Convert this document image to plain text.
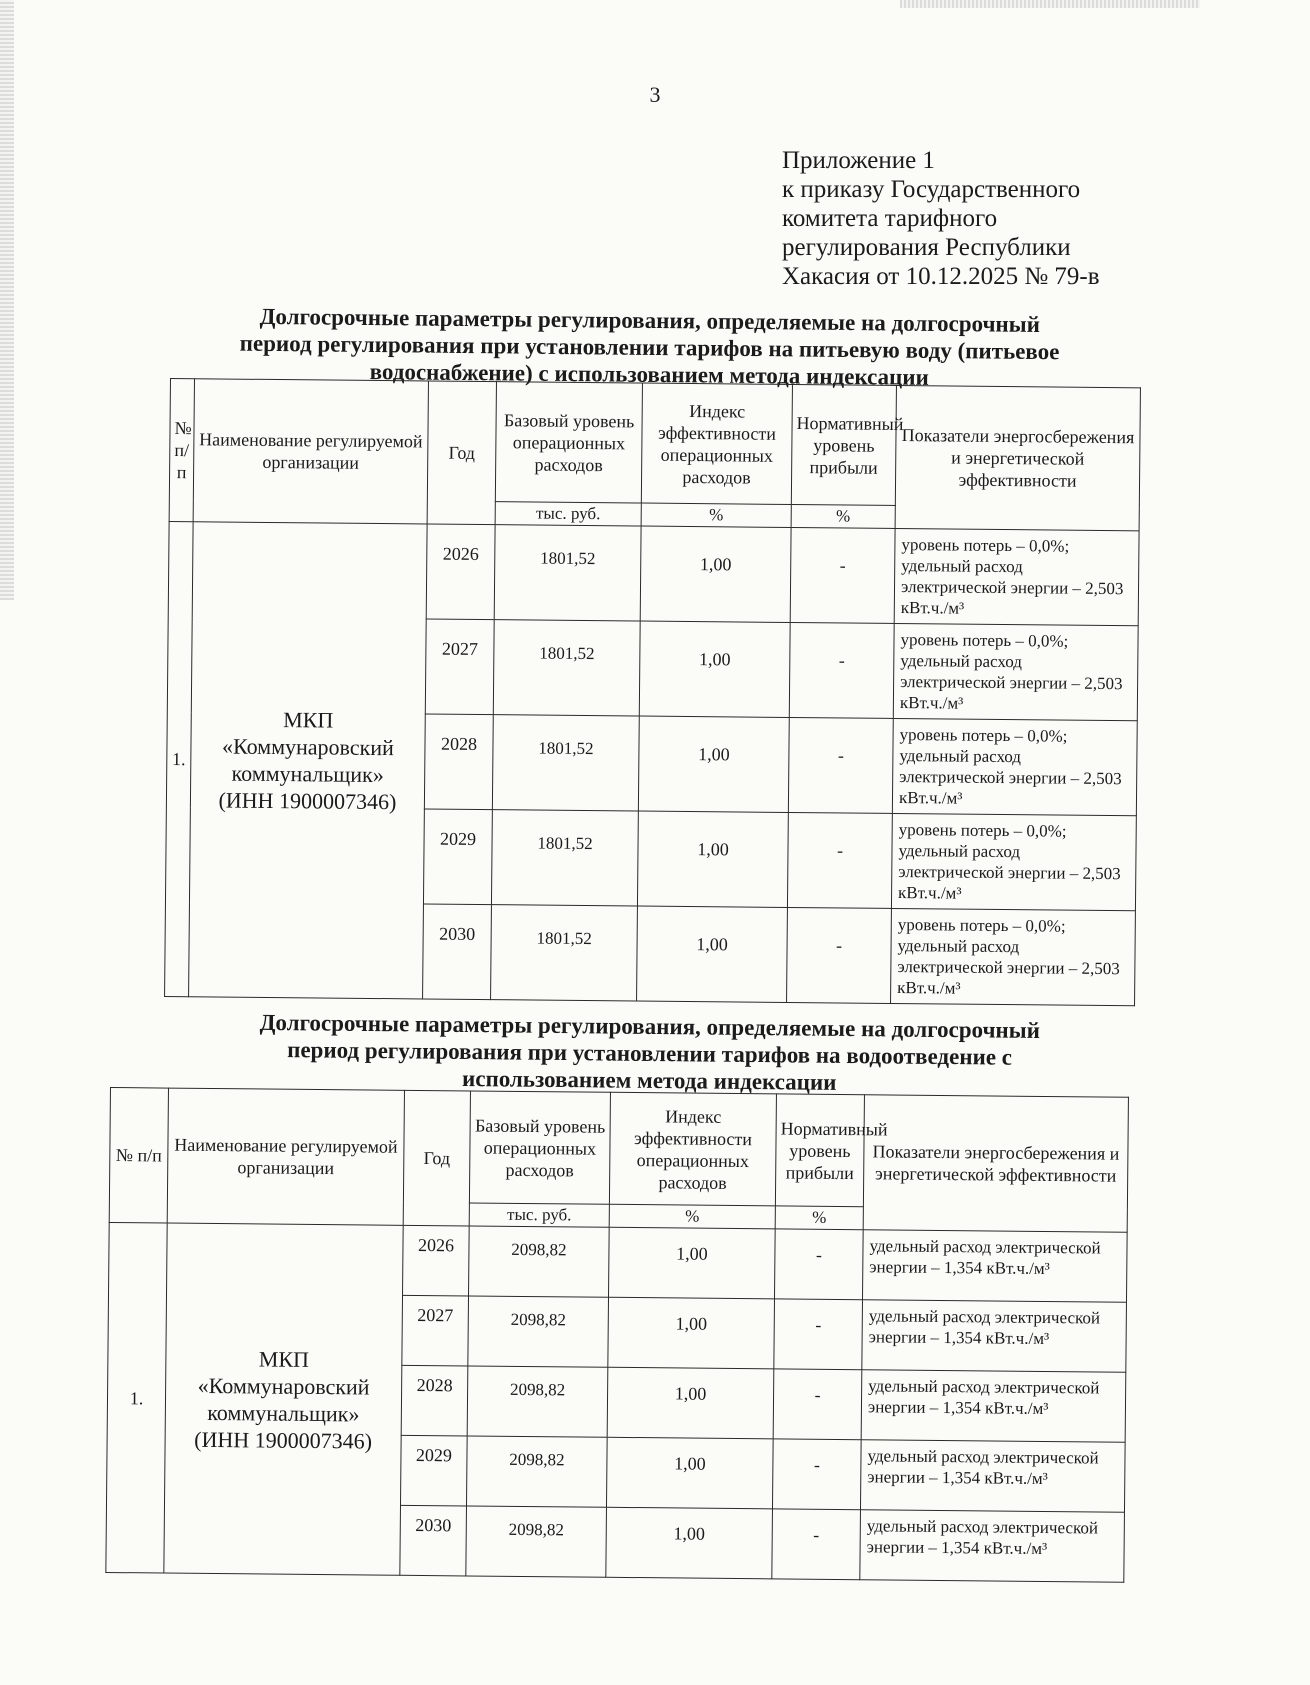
3
Приложение 1
к приказу Государственного
комитета тарифного
регулирования Республики
Хакасия от 10.12.2025 № 79-в
Долгосрочные параметры регулирования, определяемые на долгосрочный
период регулирования при установлении тарифов на питьевую воду (питьевое
водоснабжение) с использованием метода индексации
№ п/п	Наименование регулируемой организации	Год	Базовый уровень операционных расходов	Индекс эффективности операционных расходов	Нормативный уровень прибыли	Показатели энергосбережения и энергетической эффективности
			тыс. руб.	%	%	
1.	МКП
«Коммунаровский
коммунальщик»
(ИНН 1900007346)	2026	1801,52	1,00	-	уровень потерь – 0,0%; удельный расход электрической энергии – 2,503 кВт.ч./м³
		2027	1801,52	1,00	-	уровень потерь – 0,0%; удельный расход электрической энергии – 2,503 кВт.ч./м³
		2028	1801,52	1,00	-	уровень потерь – 0,0%; удельный расход электрической энергии – 2,503 кВт.ч./м³
		2029	1801,52	1,00	-	уровень потерь – 0,0%; удельный расход электрической энергии – 2,503 кВт.ч./м³
		2030	1801,52	1,00	-	уровень потерь – 0,0%; удельный расход электрической энергии – 2,503 кВт.ч./м³
Долгосрочные параметры регулирования, определяемые на долгосрочный
период регулирования при установлении тарифов на водоотведение с
использованием метода индексации
№ п/п	Наименование регулируемой организации	Год	Базовый уровень операционных расходов	Индекс эффективности операционных расходов	Нормативный уровень прибыли	Показатели энергосбережения и энергетической эффективности
			тыс. руб.	%	%	
1.	МКП
«Коммунаровский
коммунальщик»
(ИНН 1900007346)	2026	2098,82	1,00	-	удельный расход электрической энергии – 1,354 кВт.ч./м³
		2027	2098,82	1,00	-	удельный расход электрической энергии – 1,354 кВт.ч./м³
		2028	2098,82	1,00	-	удельный расход электрической энергии – 1,354 кВт.ч./м³
		2029	2098,82	1,00	-	удельный расход электрической энергии – 1,354 кВт.ч./м³
		2030	2098,82	1,00	-	удельный расход электрической энергии – 1,354 кВт.ч./м³
